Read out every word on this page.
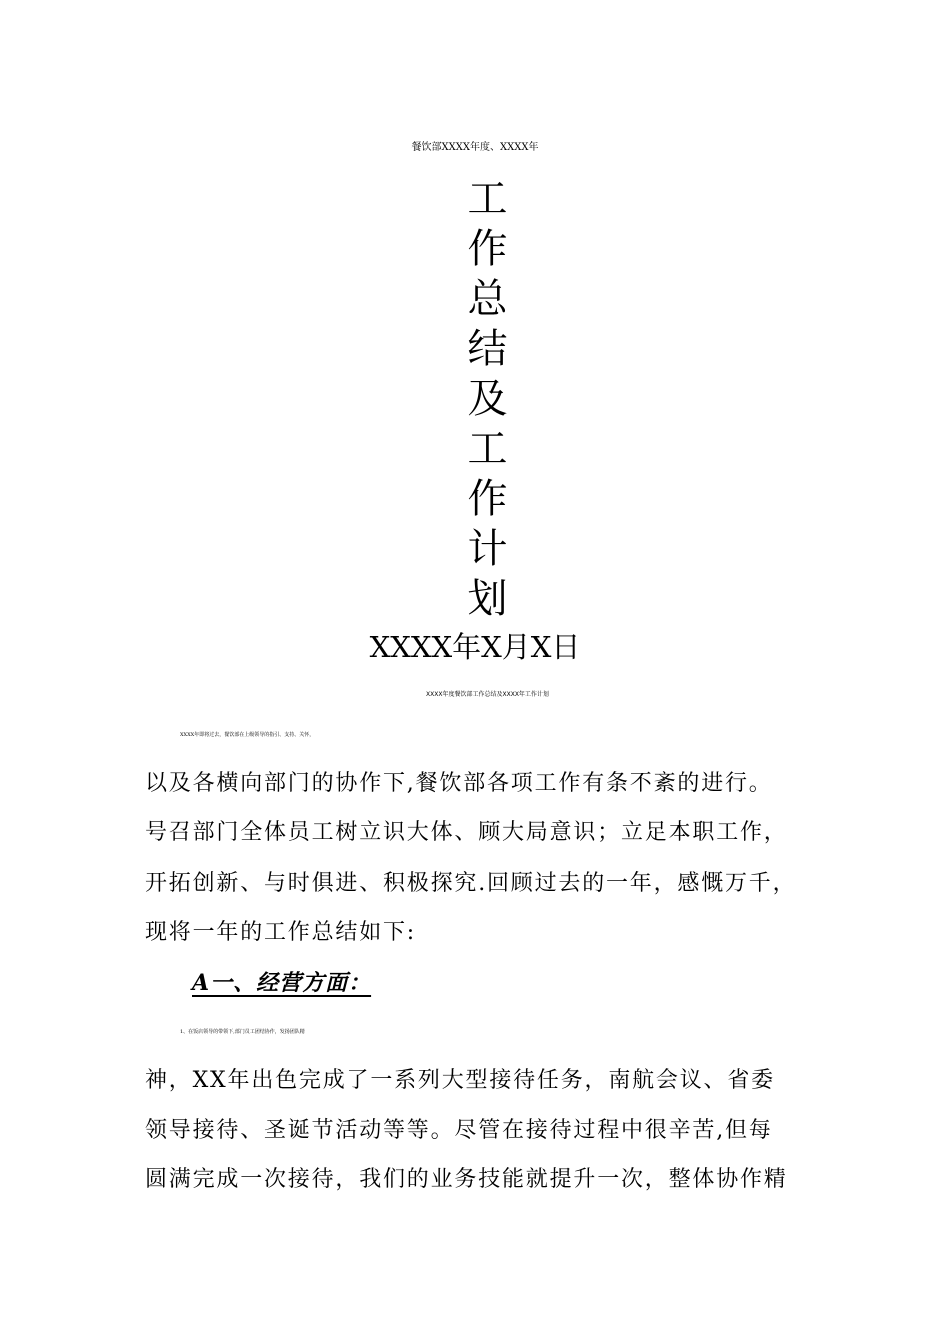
餐饮部XXXX年度、XXXX年
工
作
总
结
及
工
作
计
划
XXXX年X月X日
XXXX年度餐饮部工作总结及XXXX年工作计划
XXXX年即将过去，餐饮部在上级领导的指引、支持、关怀，
以及各横向部门的协作下,餐饮部各项工作有条不紊的进行。
号召部门全体员工树立识大体、顾大局意识；立足本职工作，
开拓创新、与时俱进、积极探究.回顾过去的一年，感慨万千，
现将一年的工作总结如下:
A一、经营方面：
1、在饭店领导的带领下,部门员工团结协作，发扬团队精
神，XX年出色完成了一系列大型接待任务，南航会议、省委
领导接待、圣诞节活动等等。尽管在接待过程中很辛苦,但每
圆满完成一次接待，我们的业务技能就提升一次，整体协作精
